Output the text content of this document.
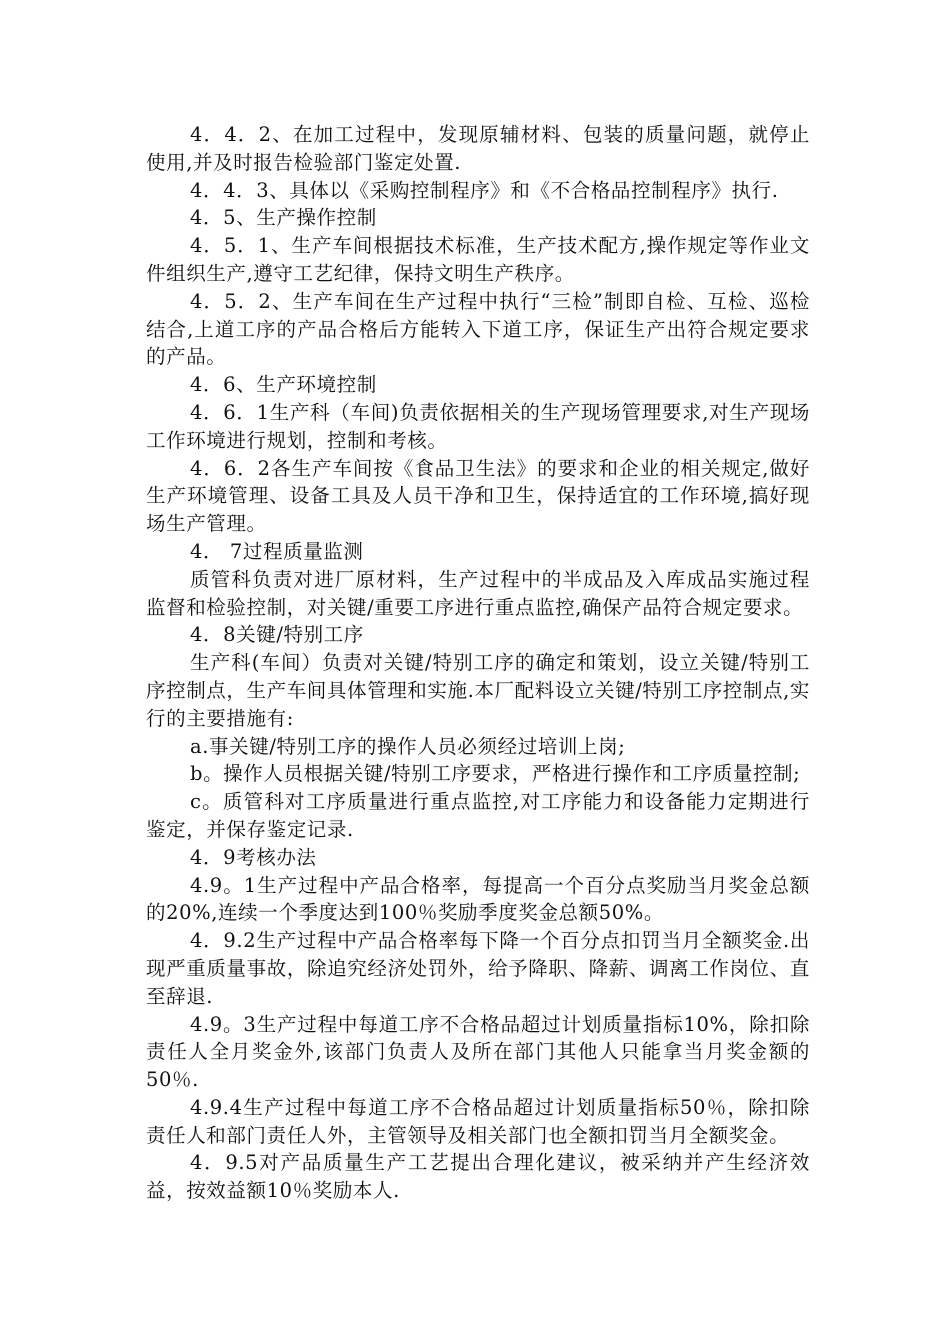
4．4．2、在加工过程中，发现原辅材料、包装的质量问题，就停止使用,并及时报告检验部门鉴定处置.

4．4．3、具体以《采购控制程序》和《不合格品控制程序》执行.

4．5、生产操作控制

4．5．1、生产车间根据技术标准，生产技术配方,操作规定等作业文件组织生产,遵守工艺纪律，保持文明生产秩序。

4．5．2、生产车间在生产过程中执行“三检”制即自检、互检、巡检结合,上道工序的产品合格后方能转入下道工序，保证生产出符合规定要求的产品。

4．6、生产环境控制

4．6．1生产科（车间)负责依据相关的生产现场管理要求,对生产现场工作环境进行规划，控制和考核。

4．6．2各生产车间按《食品卫生法》的要求和企业的相关规定,做好生产环境管理、设备工具及人员干净和卫生，保持适宜的工作环境,搞好现场生产管理。

4． 7过程质量监测

质管科负责对进厂原材料，生产过程中的半成品及入库成品实施过程监督和检验控制，对关键/重要工序进行重点监控,确保产品符合规定要求。

4．8关键/特别工序

生产科(车间）负责对关键/特别工序的确定和策划，设立关键/特别工序控制点，生产车间具体管理和实施.本厂配料设立关键/特别工序控制点,实行的主要措施有:

a.事关键/特别工序的操作人员必须经过培训上岗;

b。操作人员根据关键/特别工序要求，严格进行操作和工序质量控制;

c。质管科对工序质量进行重点监控,对工序能力和设备能力定期进行鉴定，并保存鉴定记录.

4．9考核办法

4.9。1生产过程中产品合格率，每提高一个百分点奖励当月奖金总额的20%,连续一个季度达到100％奖励季度奖金总额50%。

4．9.2生产过程中产品合格率每下降一个百分点扣罚当月全额奖金.出现严重质量事故，除追究经济处罚外，给予降职、降薪、调离工作岗位、直至辞退.

4.9。3生产过程中每道工序不合格品超过计划质量指标10%，除扣除责任人全月奖金外,该部门负责人及所在部门其他人只能拿当月奖金额的50％.

4.9.4生产过程中每道工序不合格品超过计划质量指标50％，除扣除责任人和部门责任人外，主管领导及相关部门也全额扣罚当月全额奖金。

4．9.5对产品质量生产工艺提出合理化建议，被采纳并产生经济效益，按效益额10％奖励本人.
